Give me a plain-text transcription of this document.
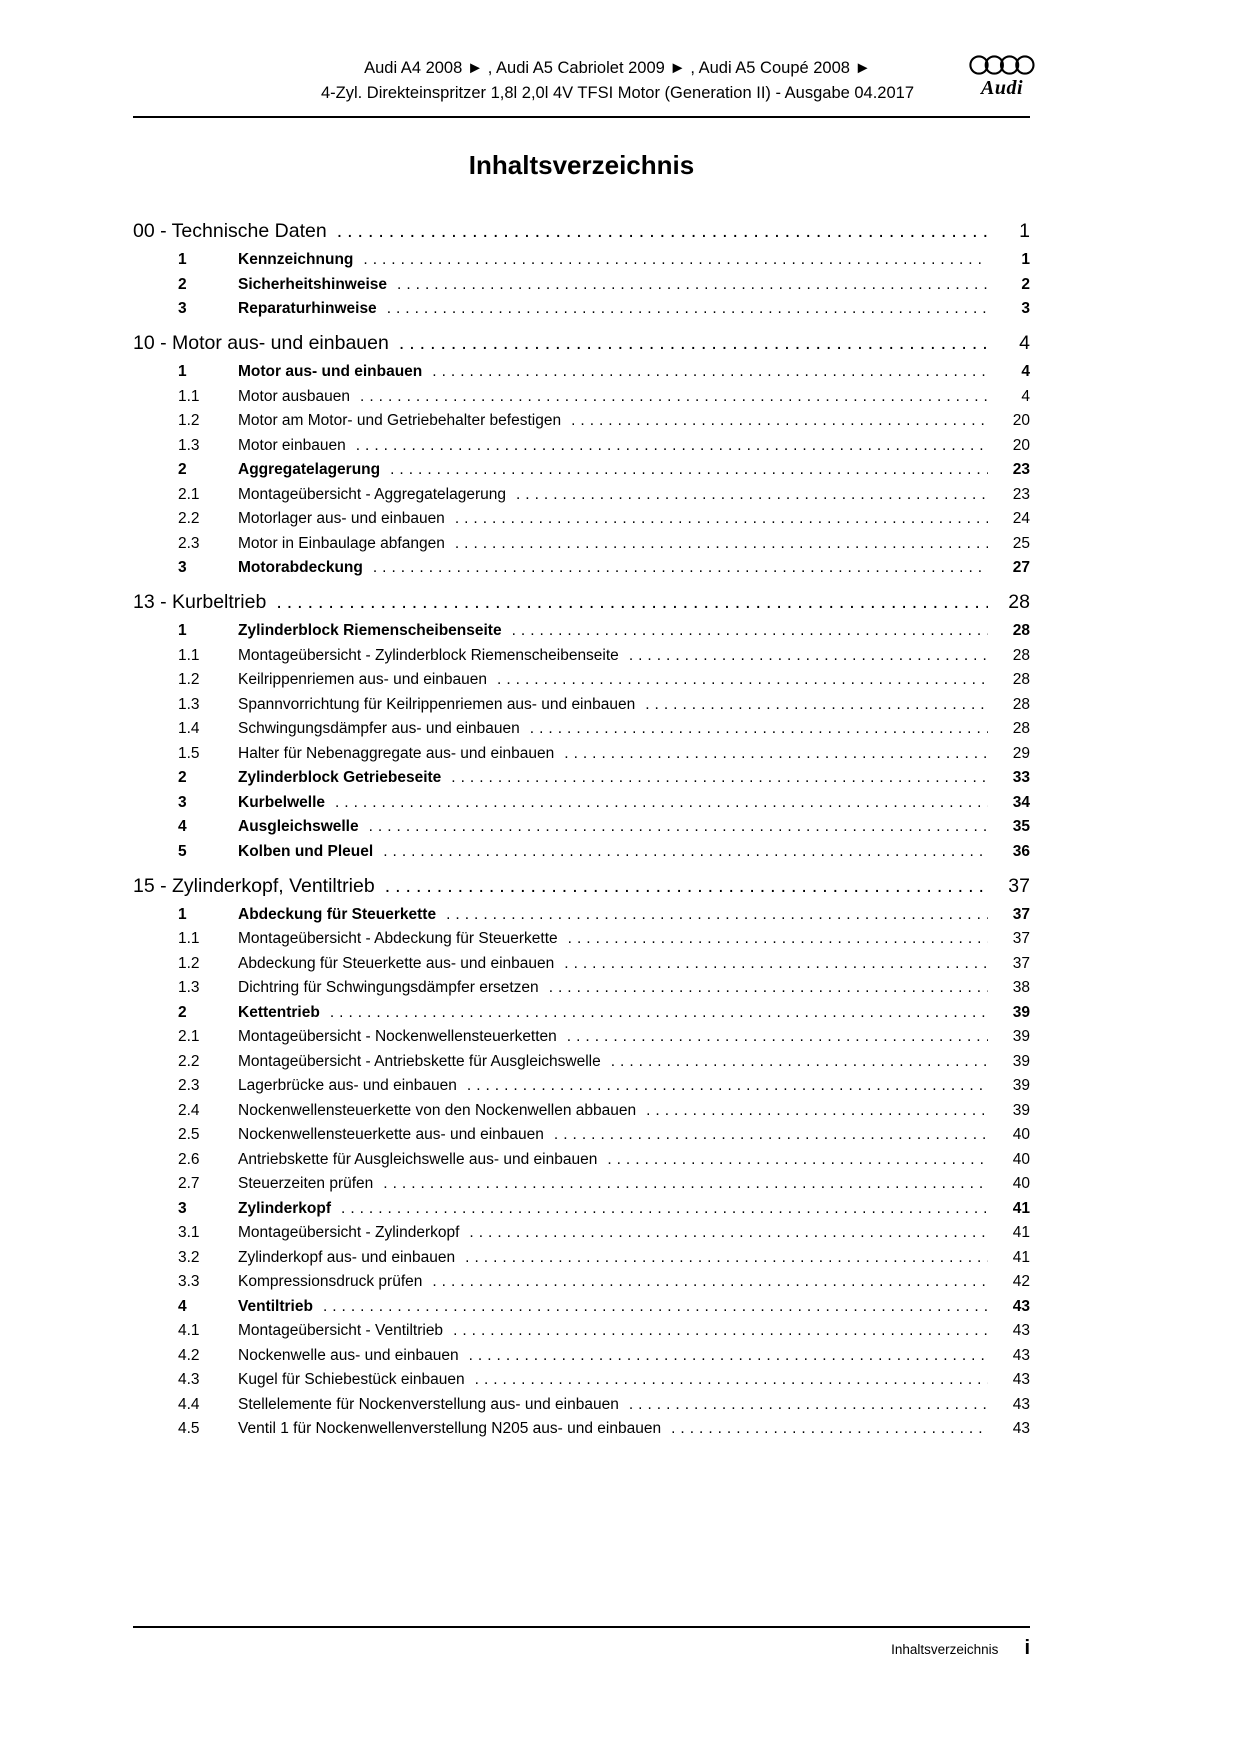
Audi A4 2008 ► , Audi A5 Cabriolet 2009 ► , Audi A5 Coupé 2008 ►
4-Zyl. Direkteinspritzer 1,8l 2,0l 4V TFSI Motor (Generation II) - Ausgabe 04.2017	Audi
Inhaltsverzeichnis
00 - Technische Daten .....	1
1	Kennzeichnung .....	1
2	Sicherheitshinweise .....	2
3	Reparaturhinweise .....	3
10 - Motor aus- und einbauen .....	4
1	Motor aus- und einbauen .....	4
1.1	Motor ausbauen .....	4
1.2	Motor am Motor- und Getriebehalter befestigen .....	20
1.3	Motor einbauen .....	20
2	Aggregatelagerung .....	23
2.1	Montageübersicht - Aggregatelagerung .....	23
2.2	Motorlager aus- und einbauen .....	24
2.3	Motor in Einbaulage abfangen .....	25
3	Motorabdeckung .....	27
13 - Kurbeltrieb .....	28
1	Zylinderblock Riemenscheibenseite .....	28
1.1	Montageübersicht - Zylinderblock Riemenscheibenseite .....	28
1.2	Keilrippenriemen aus- und einbauen .....	28
1.3	Spannvorrichtung für Keilrippenriemen aus- und einbauen .....	28
1.4	Schwingungsdämpfer aus- und einbauen .....	28
1.5	Halter für Nebenaggregate aus- und einbauen .....	29
2	Zylinderblock Getriebeseite .....	33
3	Kurbelwelle .....	34
4	Ausgleichswelle .....	35
5	Kolben und Pleuel .....	36
15 - Zylinderkopf, Ventiltrieb .....	37
1	Abdeckung für Steuerkette .....	37
1.1	Montageübersicht - Abdeckung für Steuerkette .....	37
1.2	Abdeckung für Steuerkette aus- und einbauen .....	37
1.3	Dichtring für Schwingungsdämpfer ersetzen .....	38
2	Kettentrieb .....	39
2.1	Montageübersicht - Nockenwellensteuerketten .....	39
2.2	Montageübersicht - Antriebskette für Ausgleichswelle .....	39
2.3	Lagerbrücke aus- und einbauen .....	39
2.4	Nockenwellensteuerkette von den Nockenwellen abbauen .....	39
2.5	Nockenwellensteuerkette aus- und einbauen .....	40
2.6	Antriebskette für Ausgleichswelle aus- und einbauen .....	40
2.7	Steuerzeiten prüfen .....	40
3	Zylinderkopf .....	41
3.1	Montageübersicht - Zylinderkopf .....	41
3.2	Zylinderkopf aus- und einbauen .....	41
3.3	Kompressionsdruck prüfen .....	42
4	Ventiltrieb .....	43
4.1	Montageübersicht - Ventiltrieb .....	43
4.2	Nockenwelle aus- und einbauen .....	43
4.3	Kugel für Schiebestück einbauen .....	43
4.4	Stellelemente für Nockenverstellung aus- und einbauen .....	43
4.5	Ventil 1 für Nockenwellenverstellung N205 aus- und einbauen .....	43
Inhaltsverzeichnis i
